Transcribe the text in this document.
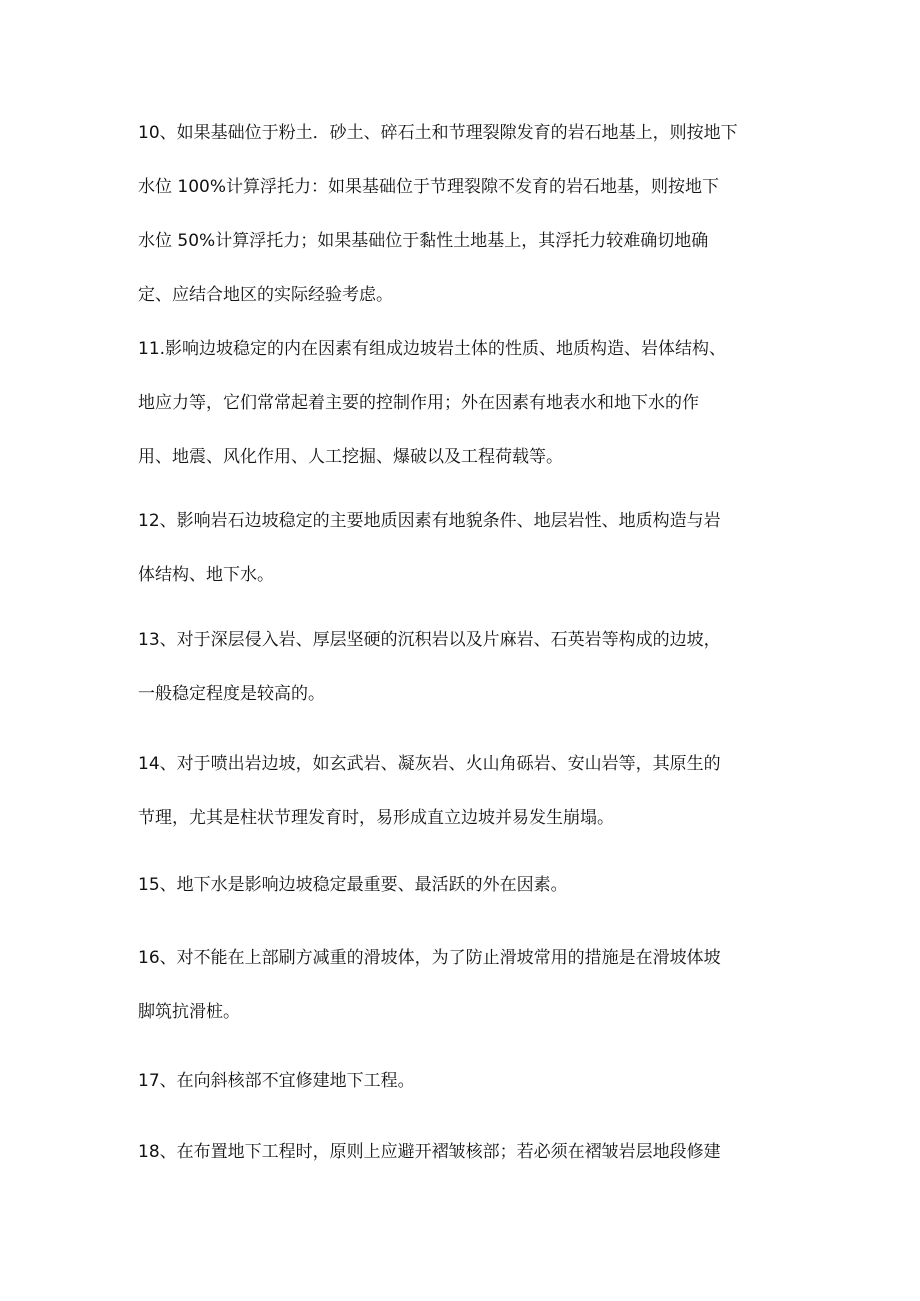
10、如果基础位于粉土．砂土、碎石土和节理裂隙发育的岩石地基上，则按地下
水位 100%计算浮托力：如果基础位于节理裂隙不发育的岩石地基，则按地下
水位 50%计算浮托力；如果基础位于黏性土地基上，其浮托力较难确切地确
定、应结合地区的实际经验考虑。

11.影响边坡稳定的内在因素有组成边坡岩土体的性质、地质构造、岩体结构、
地应力等，它们常常起着主要的控制作用；外在因素有地表水和地下水的作
用、地震、风化作用、人工挖掘、爆破以及工程荷载等。

12、影响岩石边坡稳定的主要地质因素有地貌条件、地层岩性、地质构造与岩
体结构、地下水。

13、对于深层侵入岩、厚层坚硬的沉积岩以及片麻岩、石英岩等构成的边坡，
一般稳定程度是较高的。

14、对于喷出岩边坡，如玄武岩、凝灰岩、火山角砾岩、安山岩等，其原生的
节理，尤其是柱状节理发育时，易形成直立边坡并易发生崩塌。

15、地下水是影响边坡稳定最重要、最活跃的外在因素。

16、对不能在上部刷方减重的滑坡体，为了防止滑坡常用的措施是在滑坡体坡
脚筑抗滑桩。

17、在向斜核部不宜修建地下工程。

18、在布置地下工程时，原则上应避开褶皱核部；若必须在褶皱岩层地段修建
